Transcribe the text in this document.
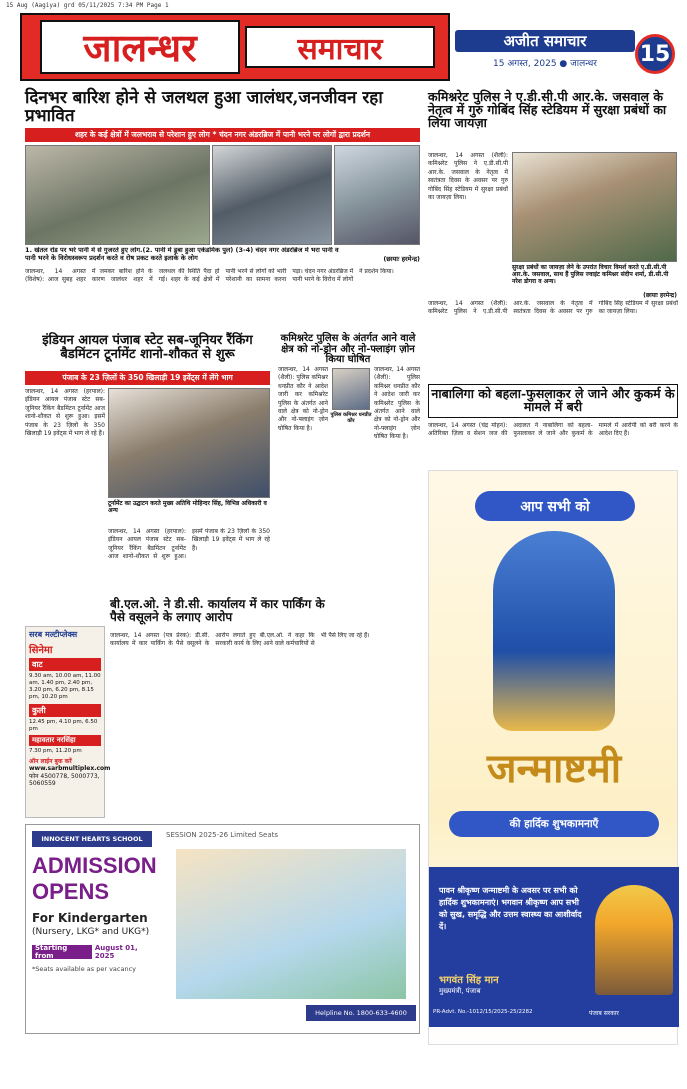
15 Aug (Aagiya) grd 05/11/2025 7:34 PM Page 1
जालन्धर	समाचार	अजीत समाचार
15 अगस्त, 2025 ● जालन्धर	15
दिनभर बारिश होने से जलथल हुआ जालंधर,जनजीवन रहा प्रभावित
शहर के कई क्षेत्रों में जलभराव से परेशान हुए लोग * चंदन नगर अंडरब्रिज में पानी भरने पर लोगों द्वारा प्रदर्शन
1. खेतल रोड पर भरे पानी में से गुजरते हुए लोग.(2. पानी में डूबा हुआ एकेडमिक पुल) (3-4) चंदन नगर अंडरब्रिज में भरा पानी व पानी भरने के विरोधस्वरूप प्रदर्शन करते व रोष प्रकट करते इलाके के लोग	(छायाः हरमेन्द्र)
जालन्धर, 14 अगस्त (विशेष): आज सुबह शहर में जमकर बारिश होने के कारण जालंधर शहर में जलथल की स्थिति पैदा हो गई। शहर के कई क्षेत्रों में पानी भरने से लोगों को भारी परेशानी का सामना करना पड़ा। चंदन नगर अंडरब्रिज में पानी भरने के विरोध में लोगों ने प्रदर्शन किया।
कमिश्नरेट पुलिस ने ए.डी.सी.पी आर.के. जसवाल के नेतृत्व में गुरु गोबिंद सिंह स्टेडियम में सुरक्षा प्रबंधों का लिया जायज़ा
जालन्धर, 14 अगस्त (शैली): कमिश्नरेट पुलिस ने ए.डी.सी.पी आर.के. जसवाल के नेतृत्व में स्वतंत्रता दिवस के अवसर पर गुरु गोबिंद सिंह स्टेडियम में सुरक्षा प्रबंधों का जायज़ा लिया।
सुरक्षा प्रबंधों का जायज़ा लेने के उपरांत विचार विमर्श करते ए.डी.सी.पी आर.के. जसवाल, साथ हैं पुलिस ज्वाइंट कमिश्नर संदीप शर्मा, डी.सी.पी नरेश डोगरा व अन्य।
(छायाः हरमेन्द्र)
जालन्धर, 14 अगस्त (शैली): कमिश्नरेट पुलिस ने ए.डी.सी.पी आर.के. जसवाल के नेतृत्व में स्वतंत्रता दिवस के अवसर पर गुरु गोबिंद सिंह स्टेडियम में सुरक्षा प्रबंधों का जायज़ा लिया।
इंडियन आयल पंजाब स्टेट सब-जूनियर रैंकिंग बैडमिंटन टूर्नामेंट शानो-शौकत से शुरू
पंजाब के 23 ज़िलों के 350 खिलाड़ी 19 इवेंट्स में लेंगे भाग
जालन्धर, 14 अगस्त (हरपाल): इंडियन आयल पंजाब स्टेट सब-जूनियर रैंकिंग बैडमिंटन टूर्नामेंट आज शानो-शौकत से शुरू हुआ। इसमें पंजाब के 23 ज़िलों के 350 खिलाड़ी 19 इवेंट्स में भाग ले रहे हैं।
टूर्नामेंट का उद्घाटन करते मुख्य अतिथि मोहिन्दर सिंह, विभिन्न अधिकारी व अन्य
जालन्धर, 14 अगस्त (हरपाल): इंडियन आयल पंजाब स्टेट सब-जूनियर रैंकिंग बैडमिंटन टूर्नामेंट आज शानो-शौकत से शुरू हुआ। इसमें पंजाब के 23 ज़िलों के 350 खिलाड़ी 19 इवेंट्स में भाग ले रहे हैं।
कमिश्नरेट पुलिस के अंतर्गत आने वाले क्षेत्र को नो-ड्रोन और नो-फ्लाइंग ज़ोन किया घोषित
जालन्धर, 14 अगस्त (शैली): पुलिस कमिश्नर धनप्रीत कौर ने आदेश जारी कर कमिश्नरेट पुलिस के अंतर्गत आने वाले क्षेत्र को नो-ड्रोन और नो-फ्लाइंग ज़ोन घोषित किया है।
पुलिस कमिश्नर धनप्रीत कौर
जालन्धर, 14 अगस्त (शैली): पुलिस कमिश्नर धनप्रीत कौर ने आदेश जारी कर कमिश्नरेट पुलिस के अंतर्गत आने वाले क्षेत्र को नो-ड्रोन और नो-फ्लाइंग ज़ोन घोषित किया है।
नाबालिगा को बहला-फुसलाकर ले जाने और कुकर्म के मामले में बरी
जालन्धर, 14 अगस्त (चंद्र मोहन): अतिरिक्त ज़िला व सेशन जज की अदालत ने नाबालिगा को बहला-फुसलाकर ले जाने और कुकर्म के मामले में आरोपी को बरी करने के आदेश दिए हैं।
बी.एल.ओ. ने डी.सी. कार्यालय में कार पार्किंग के पैसे वसूलने के लगाए आरोप
जालन्धर, 14 अगस्त (पत्र प्रेरक): डी.सी. कार्यालय में कार पार्किंग के पैसे वसूलने के आरोप लगाते हुए बी.एल.ओ. ने कहा कि सरकारी कार्य के लिए आने वाले कर्मचारियों से भी पैसे लिए जा रहे हैं।
सरब मल्टीप्लेक्स
सिनेमा
वाट
9.30 am, 10.00 am, 11.00 am, 1.40 pm, 2.40 pm, 3.20 pm, 6.20 pm, 8.15 pm, 10.20 pm
कुली
12.45 pm, 4.10 pm, 6.50 pm
महावतार नरसिंहा
7.30 pm, 11.20 pm
ऑन लाईन बुक करें
www.sarbmultiplex.com
फोन 4500778, 5000773, 5060559
INNOCENT HEARTS SCHOOL	SESSION 2025-26 Limited Seats
ADMISSION
OPENS
For Kindergarten
(Nursery, LKG* and UKG*)
Starting from
August 01, 2025
*Seats available as per vacancy
Helpline No. 1800-633-4600
आप सभी को
जन्माष्टमी
की हार्दिक शुभकामनाएँ
पावन श्रीकृष्ण जन्माष्टमी के अवसर पर सभी को हार्दिक शुभकामनाएं। भगवान श्रीकृष्ण आप सभी को सुख, समृद्धि और उत्तम स्वास्थ्य का आशीर्वाद दें।
भगवंत सिंह मान
मुख्यमंत्री, पंजाब
PR-Advt. No.-1012/15/2025-25/2282	पंजाब सरकार
